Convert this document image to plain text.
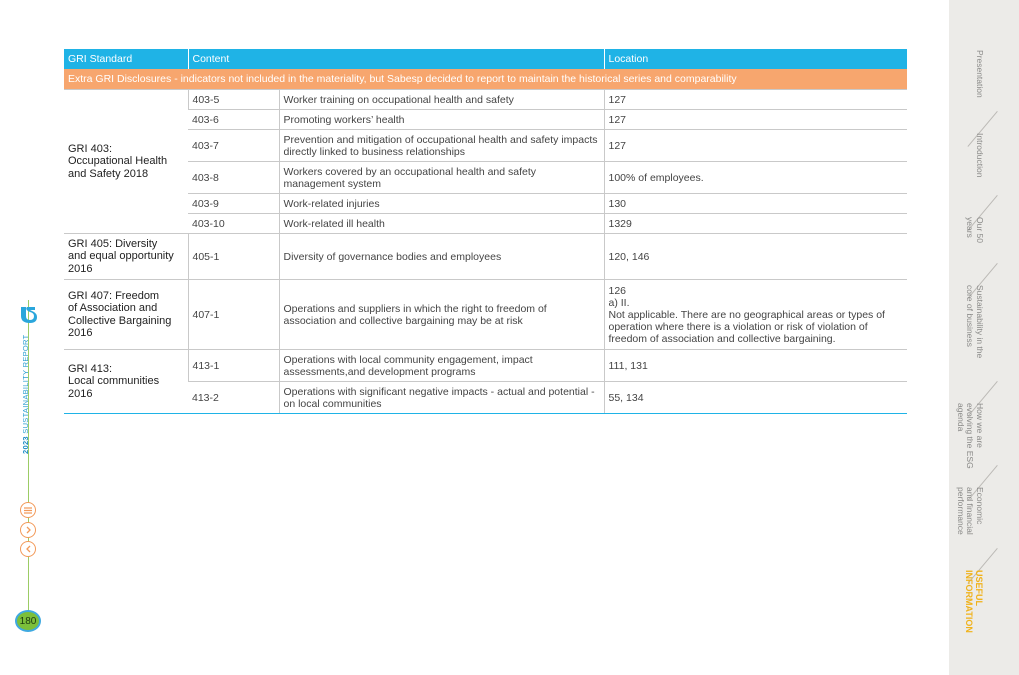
2023 SUSTAINABILITY REPORT
180
GRI Standard	Content		Location
Extra GRI Disclosures - indicators not included in the materiality, but Sabesp decided to report to maintain the historical series and comparability			
GRI 403:
Occupational Health
and Safety 2018	403-5	Worker training on occupational health and safety	127
	403-6	Promoting workers’ health	127
	403-7	Prevention and mitigation of occupational health and safety impacts directly linked to business relationships	127
	403-8	Workers covered by an occupational health and safety management system	100% of employees.
	403-9	Work-related injuries	130
	403-10	Work-related ill health	1329
GRI 405: Diversity
and equal opportunity
2016	405-1	Diversity of governance bodies and employees	120, 146
GRI 407: Freedom
of Association and
Collective Bargaining
2016	407-1	Operations and suppliers in which the right to freedom of association and collective bargaining may be at risk	126
a) II.
Not applicable. There are no geographical areas or types of operation where there is a violation or risk of violation of freedom of association and collective bargaining.
GRI 413:
Local communities
2016	413-1	Operations with local community engagement, impact assessments,and development programs	111, 131
	413-2	Operations with significant negative impacts - actual and potential - on local communities	55, 134
Presentation
Introduction
Our 50
years
Sustainability in the
core of business
How we are
evolving the ESG
agenda
Economic
and financial
performance
USEFUL
INFORMATION
